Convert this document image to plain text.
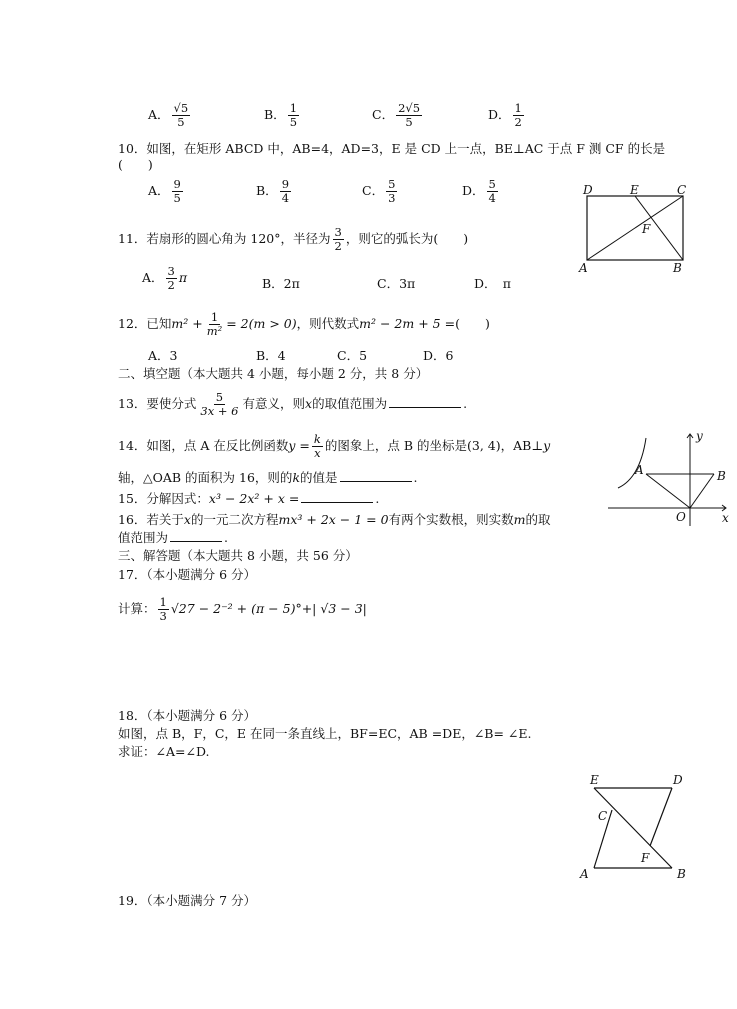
A． $\frac{√5}{5}$	B． $\frac{1}{5}$	C． $\frac{2√5}{5}$	D． $\frac{1}{2}$
10．如图，在矩形 ABCD 中，AB=4，AD=3，E 是 CD 上一点，BE⊥AC 于点 F 测 CF 的长是
(　　)
A． $\frac{9}{5}$	B． $\frac{9}{4}$	C． $\frac{5}{3}$	D． $\frac{5}{4}$	D	E	C
F
A	B
11．若扇形的圆心角为 120°，半径为 $\frac{3}{2}$ ，则它的弧长为(　　)
A． $\frac{3}{2}$ π	B．2π	C．3π	D．　π
12．已知$m^2 + \frac{1}{\text{m²}} = 2(m > 0)$，则代数式m² − 2m + 5 =(　　)
A．3	B．4	C．5	D．6
二、填空题（本大题共 4 小题，每小题 2 分，共 8 分）
13．要使分式 $\frac{5}{3x + 6}$ 有意义，则x的取值范围为	.
14．如图，点 A 在反比例函数$y = \frac{k}{x}$ 的图象上，点 B 的坐标是(3, 4)，AB⊥y
轴，△OAB 的面积为 16，则的k的值是	.
y
A	B
O	x
15．分解因式：x³ − 2x² + x =	.
16．若关于x的一元二次方程mx³ + 2x − 1 = 0有两个实数根，则实数m的取
值范围为	.
三、解答题（本大题共 8 小题，共 56 分）
17．（本小题满分 6 分）
计算： $\frac{1}{3} √27 - 2^{-2} + (\pi - 5)^\circ+|$ √3 − 3|
18．（本小题满分 6 分）
如图，点 B，F，C，E 在同一条直线上，BF=EC，AB =DE，∠B= ∠E.
求证：∠A=∠D.
E	D
C
F
A	B
19．（本小题满分 7 分）
